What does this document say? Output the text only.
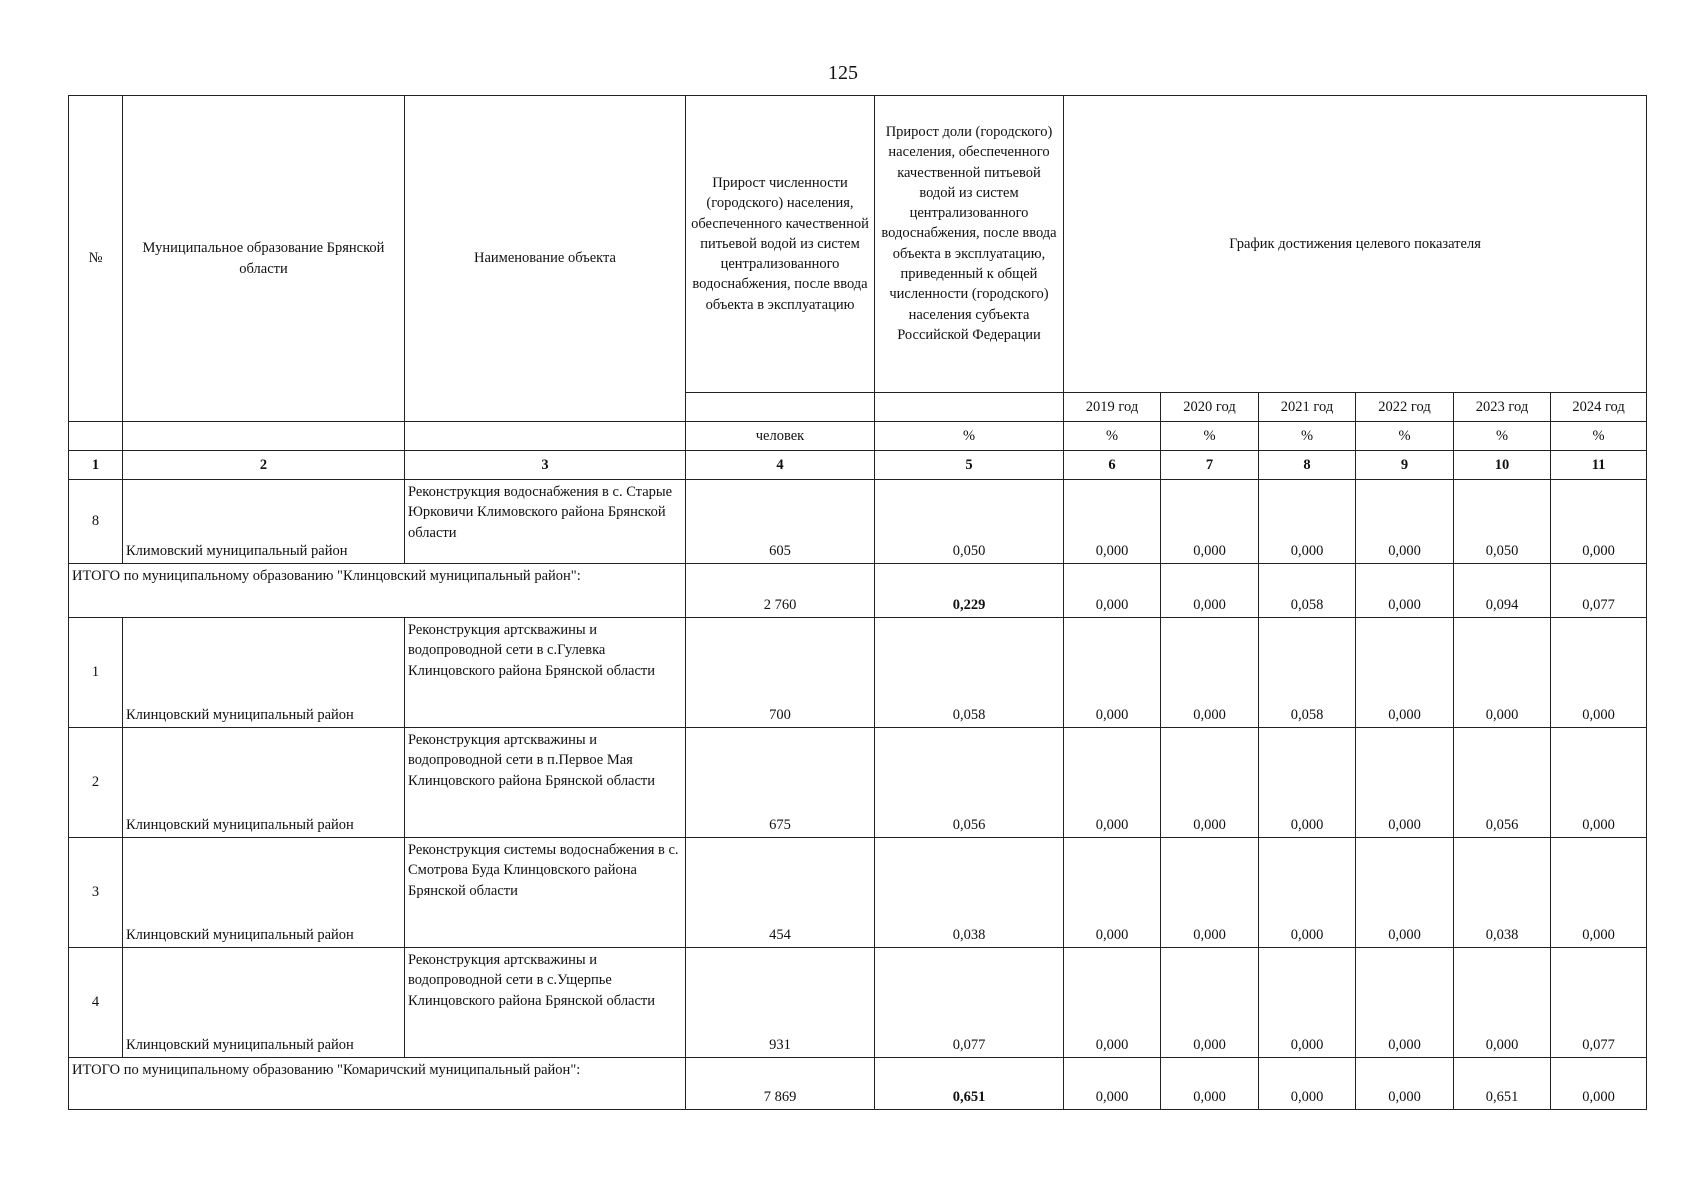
125
№	Муниципальное образование Брянской области	Наименование объекта	Прирост численности (городского) населения, обеспеченного качественной питьевой водой из систем централизованного водоснабжения, после ввода объекта в эксплуатацию	Прирост доли (городского) населения, обеспеченного качественной питьевой водой из систем централизованного водоснабжения, после ввода объекта в эксплуатацию, приведенный к общей численности (городского) населения субъекта Российской Федерации	График достижения целевого показателя					
					2019 год	2020 год	2021 год	2022 год	2023 год	2024 год
			человек	%	%	%	%	%	%	%
1	2	3	4	5	6	7	8	9	10	11
8	Климовский муниципальный район	Реконструкция водоснабжения в с. Старые Юрковичи Климовского района Брянской области	605	0,050	0,000	0,000	0,000	0,000	0,050	0,000
ИТОГО по муниципальному образованию "Клинцовский муниципальный район":			2 760	0,229	0,000	0,000	0,058	0,000	0,094	0,077
1	Клинцовский муниципальный район	Реконструкция артскважины и водопроводной сети в с.Гулевка Клинцовского района Брянской области	700	0,058	0,000	0,000	0,058	0,000	0,000	0,000
2	Клинцовский муниципальный район	Реконструкция артскважины и водопроводной сети в п.Первое Мая Клинцовского района Брянской области	675	0,056	0,000	0,000	0,000	0,000	0,056	0,000
3	Клинцовский муниципальный район	Реконструкция системы водоснабжения в с. Смотрова Буда Клинцовского района Брянской области	454	0,038	0,000	0,000	0,000	0,000	0,038	0,000
4	Клинцовский муниципальный район	Реконструкция артскважины и водопроводной сети в с.Ущерпье Клинцовского района Брянской области	931	0,077	0,000	0,000	0,000	0,000	0,000	0,077
ИТОГО по муниципальному образованию "Комаричский муниципальный район":			7 869	0,651	0,000	0,000	0,000	0,000	0,651	0,000
